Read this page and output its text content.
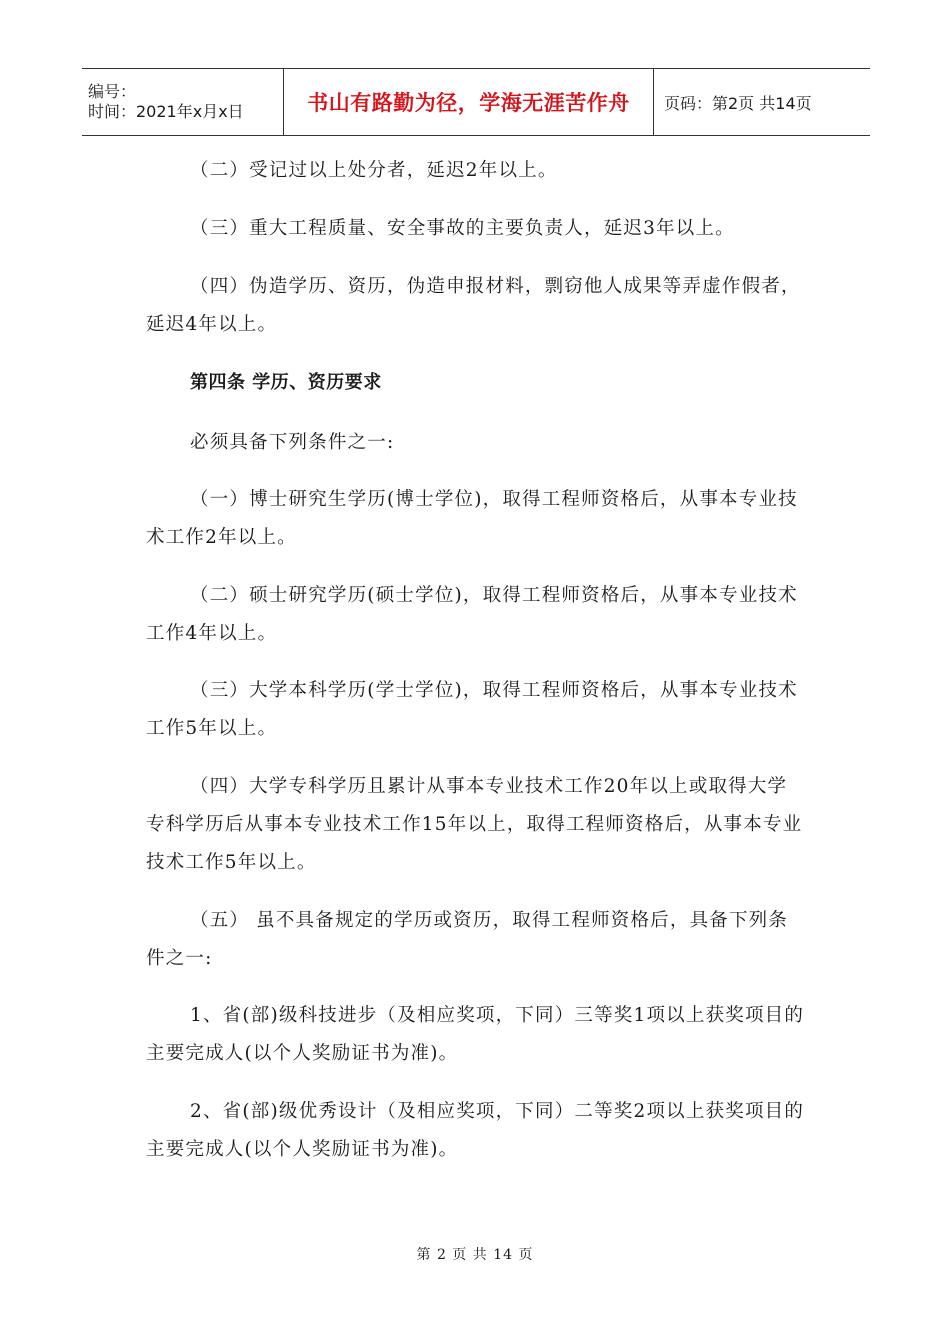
编号：
时间：2021年x月x日	书山有路勤为径，学海无涯苦作舟	页码：第2页 共14页

（二）受记过以上处分者，延迟2年以上。

（三）重大工程质量、安全事故的主要负责人，延迟3年以上。

（四）伪造学历、资历，伪造申报材料，剽窃他人成果等弄虚作假者，延迟4年以上。

第四条 学历、资历要求

必须具备下列条件之一:

（一）博士研究生学历(博士学位)，取得工程师资格后，从事本专业技术工作2年以上。

（二）硕士研究学历(硕士学位)，取得工程师资格后，从事本专业技术工作4年以上。

（三）大学本科学历(学士学位)，取得工程师资格后，从事本专业技术工作5年以上。

（四）大学专科学历且累计从事本专业技术工作20年以上或取得大学专科学历后从事本专业技术工作15年以上，取得工程师资格后，从事本专业技术工作5年以上。

（五） 虽不具备规定的学历或资历，取得工程师资格后，具备下列条件之一:

1、省(部)级科技进步（及相应奖项，下同）三等奖1项以上获奖项目的主要完成人(以个人奖励证书为准)。

2、省(部)级优秀设计（及相应奖项，下同）二等奖2项以上获奖项目的主要完成人(以个人奖励证书为准)。

第 2 页 共 14 页
